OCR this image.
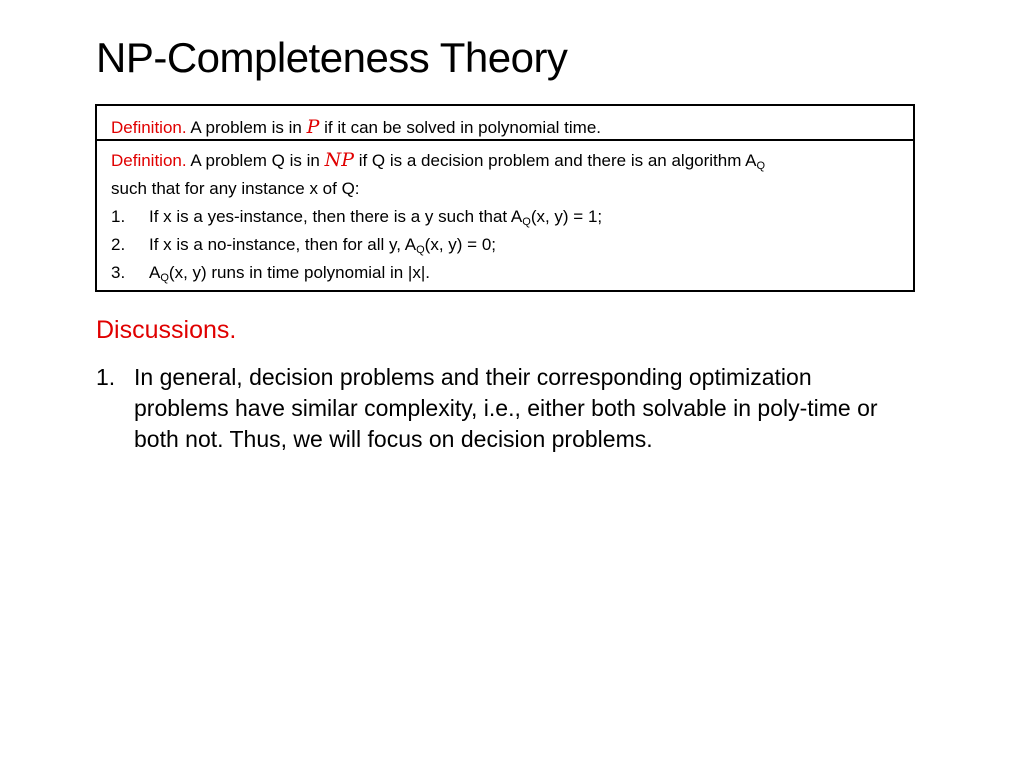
NP-Completeness Theory
Definition. A problem is in P if it can be solved in polynomial time.
Definition. A problem Q is in NP if Q is a decision problem and there is an algorithm $A_Q$
such that for any instance x of Q:
1.	If x is a yes-instance, then there is a y such that $A_Q(x$, y) = 1;
2.	If x is a no-instance, then for all y, $A_Q(x$, y) = 0;
3.	$A_Q(x$, y) runs in time polynomial in |x|.
Discussions.
1. In general, decision problems and their corresponding optimization problems have similar complexity, i.e., either both solvable in poly-time or both not. Thus, we will focus on decision problems.
